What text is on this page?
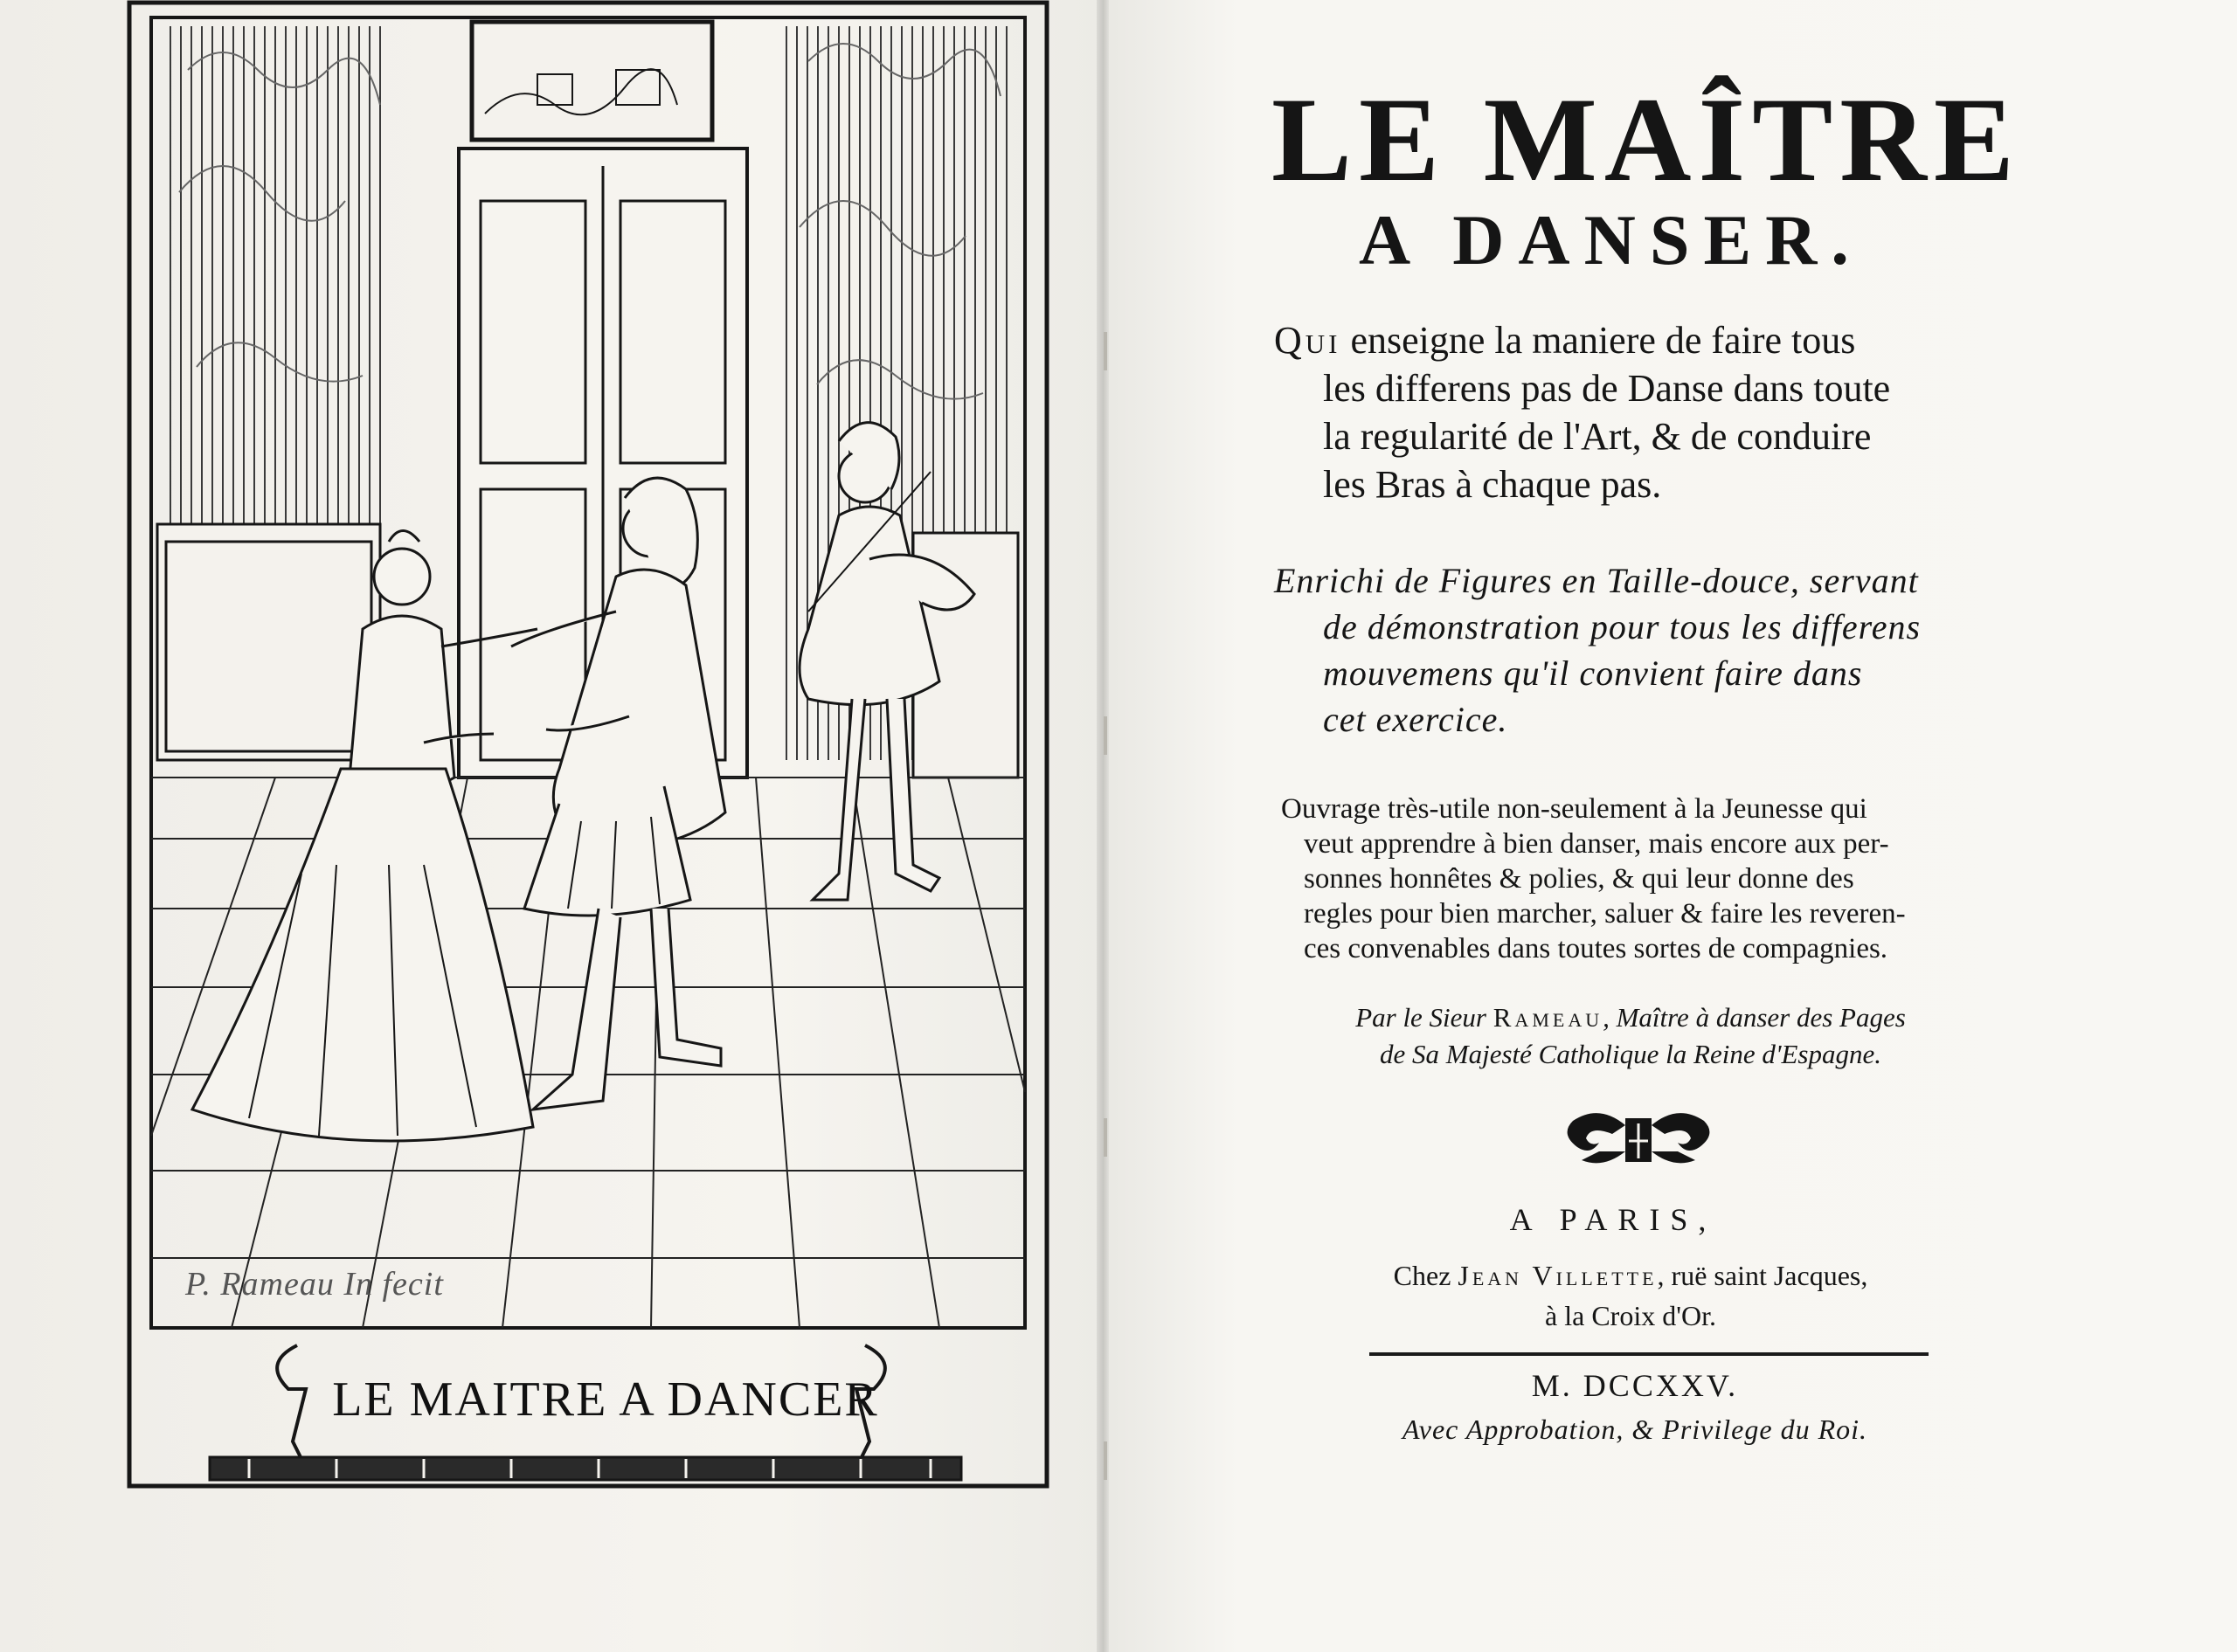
P. Rameau In fecit
LE MAITRE A DANCER
LE MAÎTRE
A DANSER.

Qui enseigne la maniere de faire tous
les differens pas de Danse dans toute
la regularité de l'Art, & de conduire
les Bras à chaque pas.

Enrichi de Figures en Taille-douce, servant
de démonstration pour tous les differens
mouvemens qu'il convient faire dans
cet exercice.

Ouvrage très-utile non-seulement à la Jeunesse qui
veut apprendre à bien danser, mais encore aux per-
sonnes honnêtes & polies, & qui leur donne des
regles pour bien marcher, saluer & faire les reveren-
ces convenables dans toutes sortes de compagnies.

Par le Sieur Rameau, Maître à danser des Pages
de Sa Majesté Catholique la Reine d'Espagne.

A PARIS,

Chez Jean Villette, ruë saint Jacques,
à la Croix d'Or.

M. DCCXXV.

Avec Approbation, & Privilege du Roi.
